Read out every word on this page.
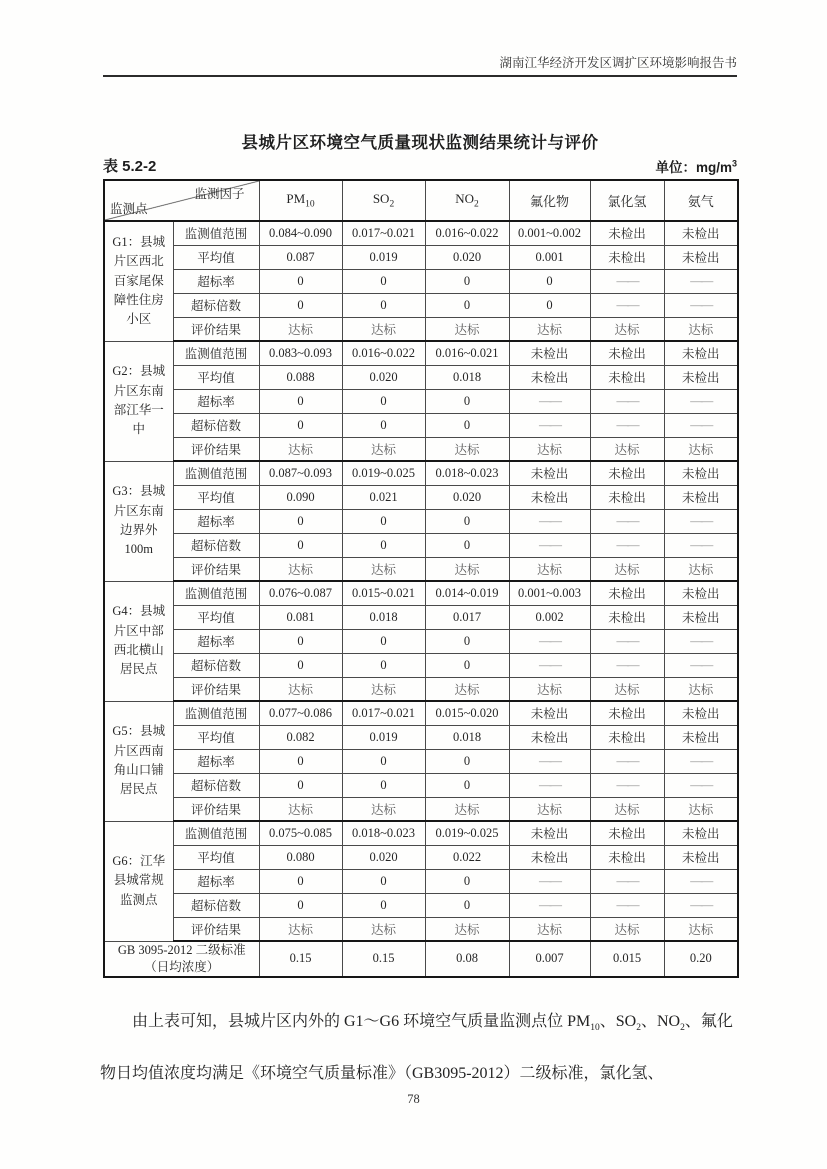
湖南江华经济开发区调扩区环境影响报告书
县城片区环境空气质量现状监测结果统计与评价
表 5.2-2	单位：$mg/m^3$
监测因子
监测点		$PM_{10}$	$SO_2$	$NO_2$	氟化物	氯化氢	氨气

G1：县城
片区西北
百家尾保
障性住房
小区	监测值范围	0.084~0.090	0.017~0.021	0.016~0.022	0.001~0.002	未检出	未检出
	平均值	0.087	0.019	0.020	0.001	未检出	未检出
	超标率	0	0	0	0	——	——
	超标倍数	0	0	0	0	——	——
	评价结果	达标	达标	达标	达标	达标	达标

G2：县城
片区东南
部江华一
中	监测值范围	0.083~0.093	0.016~0.022	0.016~0.021	未检出	未检出	未检出
	平均值	0.088	0.020	0.018	未检出	未检出	未检出
	超标率	0	0	0	——	——	——
	超标倍数	0	0	0	——	——	——
	评价结果	达标	达标	达标	达标	达标	达标

G3：县城
片区东南
边界外
100m	监测值范围	0.087~0.093	0.019~0.025	0.018~0.023	未检出	未检出	未检出
	平均值	0.090	0.021	0.020	未检出	未检出	未检出
	超标率	0	0	0	——	——	——
	超标倍数	0	0	0	——	——	——
	评价结果	达标	达标	达标	达标	达标	达标

G4：县城
片区中部
西北横山
居民点	监测值范围	0.076~0.087	0.015~0.021	0.014~0.019	0.001~0.003	未检出	未检出
	平均值	0.081	0.018	0.017	0.002	未检出	未检出
	超标率	0	0	0	——	——	——
	超标倍数	0	0	0	——	——	——
	评价结果	达标	达标	达标	达标	达标	达标

G5：县城
片区西南
角山口铺
居民点	监测值范围	0.077~0.086	0.017~0.021	0.015~0.020	未检出	未检出	未检出
	平均值	0.082	0.019	0.018	未检出	未检出	未检出
	超标率	0	0	0	——	——	——
	超标倍数	0	0	0	——	——	——
	评价结果	达标	达标	达标	达标	达标	达标

G6：江华
县城常规
监测点	监测值范围	0.075~0.085	0.018~0.023	0.019~0.025	未检出	未检出	未检出
	平均值	0.080	0.020	0.022	未检出	未检出	未检出
	超标率	0	0	0	——	——	——
	超标倍数	0	0	0	——	——	——
	评价结果	达标	达标	达标	达标	达标	达标

GB 3095-2012 二级标准
（日均浓度）		0.15	0.15	0.08	0.007	0.015	0.20

由上表可知，县城片区内外的 G1～G6 环境空气质量监测点位 $PM_{10}$、$SO_2$、$NO_2$、氟化物日均值浓度均满足《环境空气质量标准》（GB3095-2012）二级标准，氯化氢、

78
